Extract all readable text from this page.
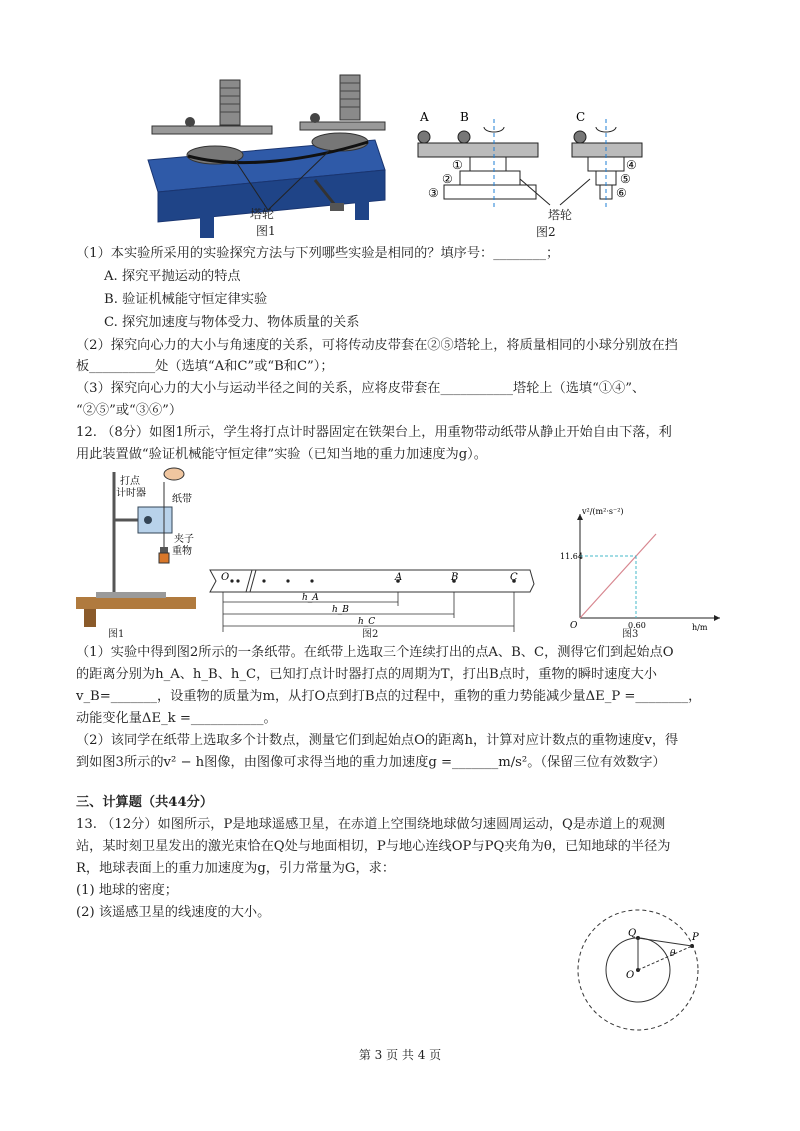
塔轮
图1
A	B	C
①
②
③
④
⑤
⑥
塔轮
图2
（1）本实验所采用的实验探究方法与下列哪些实验是相同的？填序号：________；
A. 探究平抛运动的特点
B. 验证机械能守恒定律实验
C. 探究加速度与物体受力、物体质量的关系
（2）探究向心力的大小与角速度的关系，可将传动皮带套在②⑤塔轮上，将质量相同的小球分别放在挡
板__________处（选填“A和C”或“B和C”）；
（3）探究向心力的大小与运动半径之间的关系，应将皮带套在___________塔轮上（选填“①④”、
“②⑤”或“③⑥”）
12. （8分）如图1所示，学生将打点计时器固定在铁架台上，用重物带动纸带从静止开始自由下落，利
用此装置做“验证机械能守恒定律”实验（已知当地的重力加速度为g）。
打点
计时器
纸带
夹子
重物
图1
O	A	B	C
h_A
h_B
h_C
图2
v²/(m²·s⁻²)
h/m
O
11.64
0.60
图3
（1）实验中得到图2所示的一条纸带。在纸带上选取三个连续打出的点A、B、C，测得它们到起始点O
的距离分别为h_A、h_B、h_C，已知打点计时器打点的周期为T，打出B点时，重物的瞬时速度大小
v_B=_______，设重物的质量为m，从打O点到打B点的过程中，重物的重力势能减少量ΔE_P =________，
动能变化量ΔE_k =___________。
（2）该同学在纸带上选取多个计数点，测量它们到起始点O的距离h，计算对应计数点的重物速度v，得
到如图3所示的v² − h图像，由图像可求得当地的重力加速度g =_______m/s²。（保留三位有效数字）
三、计算题（共44分）
13. （12分）如图所示，P是地球遥感卫星，在赤道上空围绕地球做匀速圆周运动，Q是赤道上的观测
站，某时刻卫星发出的激光束恰在Q处与地面相切，P与地心连线OP与PQ夹角为θ，已知地球的半径为
R，地球表面上的重力加速度为g，引力常量为G，求：
(1) 地球的密度；
(2) 该遥感卫星的线速度的大小。
Q	P
O
θ
第 3 页 共 4 页
